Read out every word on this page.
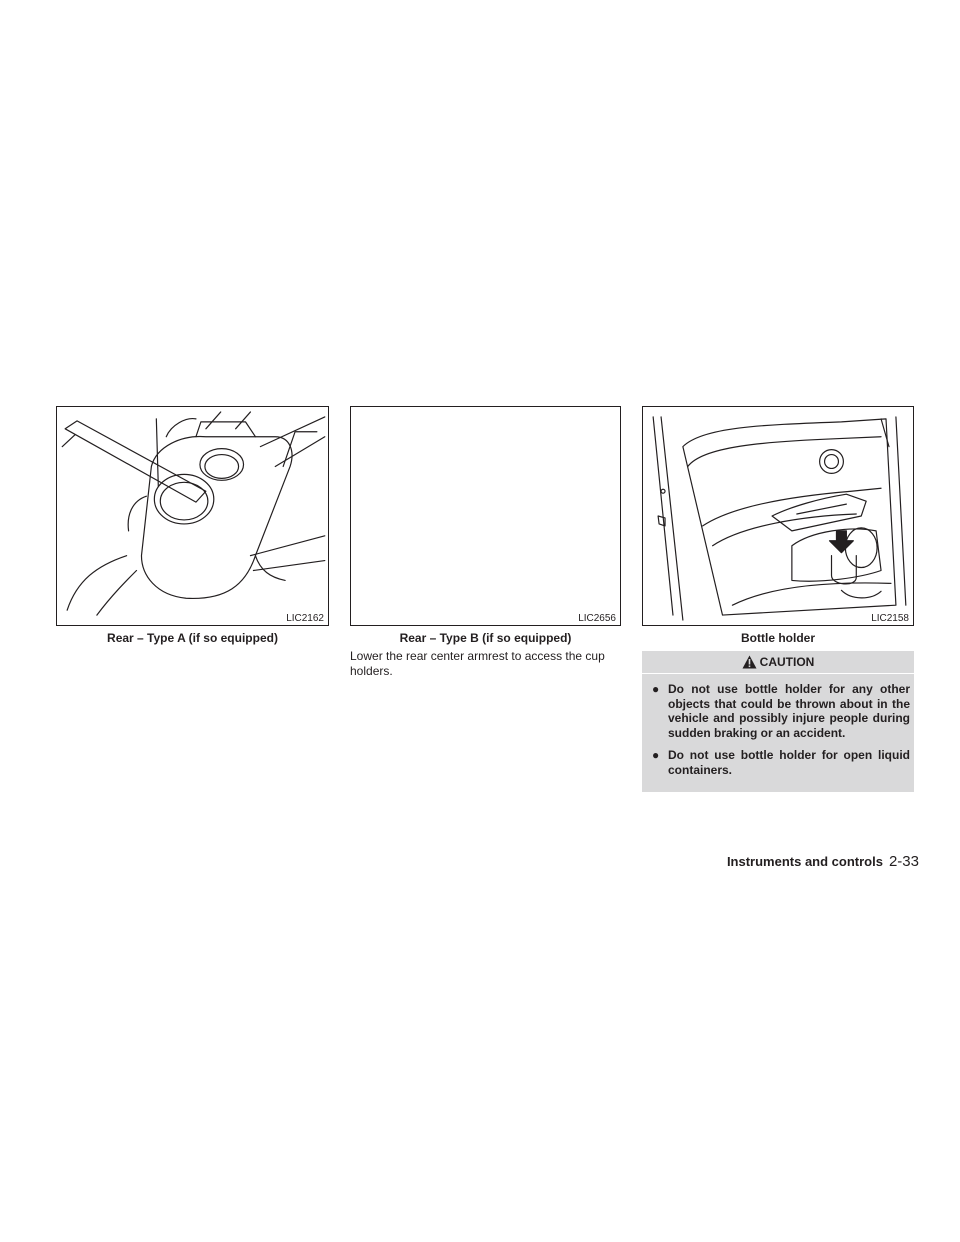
LIC2162	LIC2656	LIC2158
Rear – Type A (if so equipped)	Rear – Type B (if so equipped)	Bottle holder

Lower the rear center armrest to access the cup holders.

CAUTION
● Do not use bottle holder for any other objects that could be thrown about in the vehicle and possibly injure people during sudden braking or an accident.
● Do not use bottle holder for open liquid containers.
Instruments and controls 2-33
